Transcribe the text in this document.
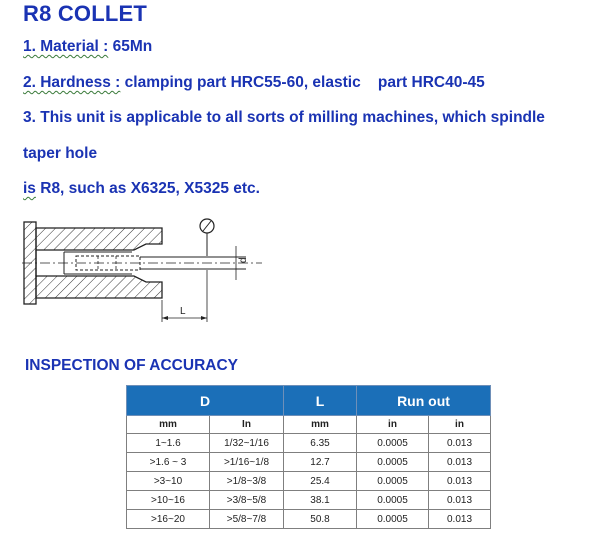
R8 COLLET
1. Material : 65Mn
2. Hardness : clamping part HRC55-60, elastic    part HRC40-45
3. This unit is applicable to all sorts of milling machines, which spindle
taper hole
is R8, such as X6325, X5325 etc.
d
L
INSPECTION OF ACCURACY
D		L	Run out	
mm	In	mm	in	in
1~1.6	1/32~1/16	6.35	0.0005	0.013
>1.6 ~ 3	>1/16~1/8	12.7	0.0005	0.013
>3~10	>1/8~3/8	25.4	0.0005	0.013
>10~16	>3/8~5/8	38.1	0.0005	0.013
>16~20	>5/8~7/8	50.8	0.0005	0.013
